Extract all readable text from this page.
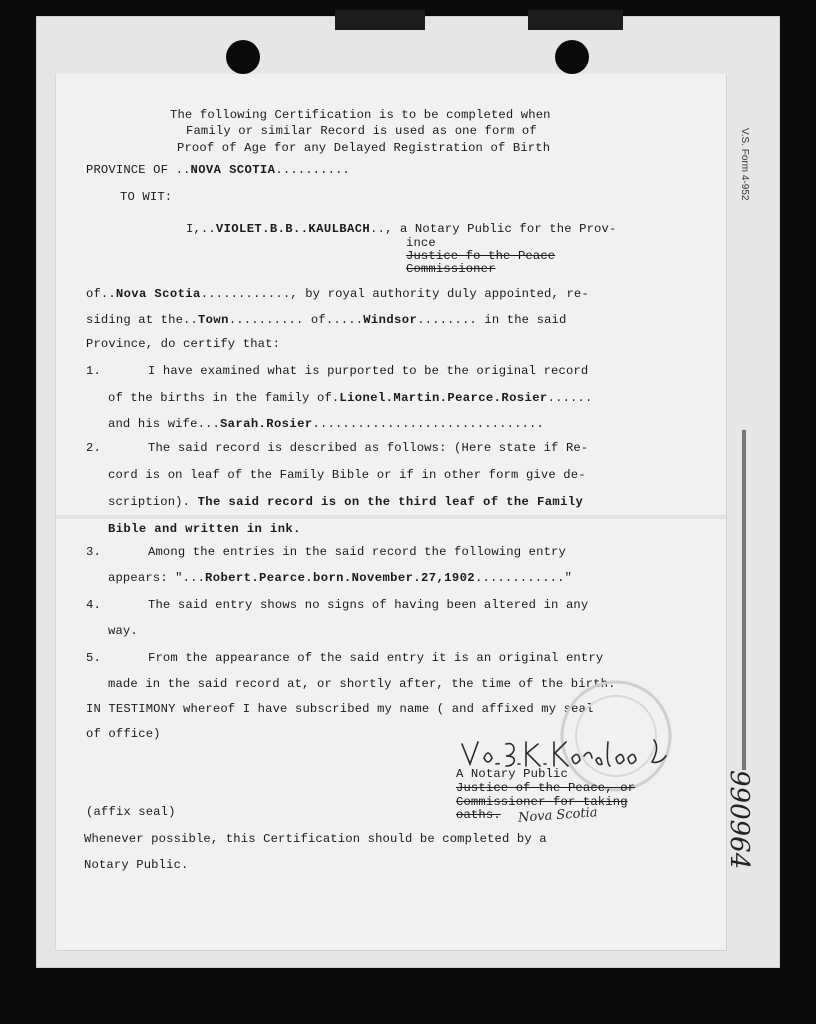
V.S. Form 4-952
990964
The following Certification is to be completed when
Family or similar Record is used as one form of
Proof of Age for any Delayed Registration of Birth
PROVINCE OF ..NOVA SCOTIA..........
TO WIT:
I,..VIOLET.B.B..KAULBACH.., a Notary Public for the Prov-
ince
Justice fo the Peace
Commissioner
of..Nova Scotia............, by royal authority duly appointed, re-
siding at the..Town.......... of.....Windsor........ in the said
Province, do certify that:
1.	I have examined what is purported to be the original record
of the births in the family of.Lionel.Martin.Pearce.Rosier......
and his wife...Sarah.Rosier...............................
2.	The said record is described as follows: (Here state if Re-
cord is on leaf of the Family Bible or if in other form give de-
scription). The said record is on the third leaf of the Family
Bible and written in ink.
3.	Among the entries in the said record the following entry
appears: "...Robert.Pearce.born.November.27,1902............"
4.	The said entry shows no signs of having been altered in any
way.
5.	From the appearance of the said entry it is an original entry
made in the said record at, or shortly after, the time of the birth.
IN TESTIMONY whereof I have subscribed my name ( and affixed my seal
of office)
A Notary Public
Justice of the Peace, or
Commissioner for taking
oaths. Nova Scotia
(affix seal)
Whenever possible, this Certification should be completed by a
Notary Public.
